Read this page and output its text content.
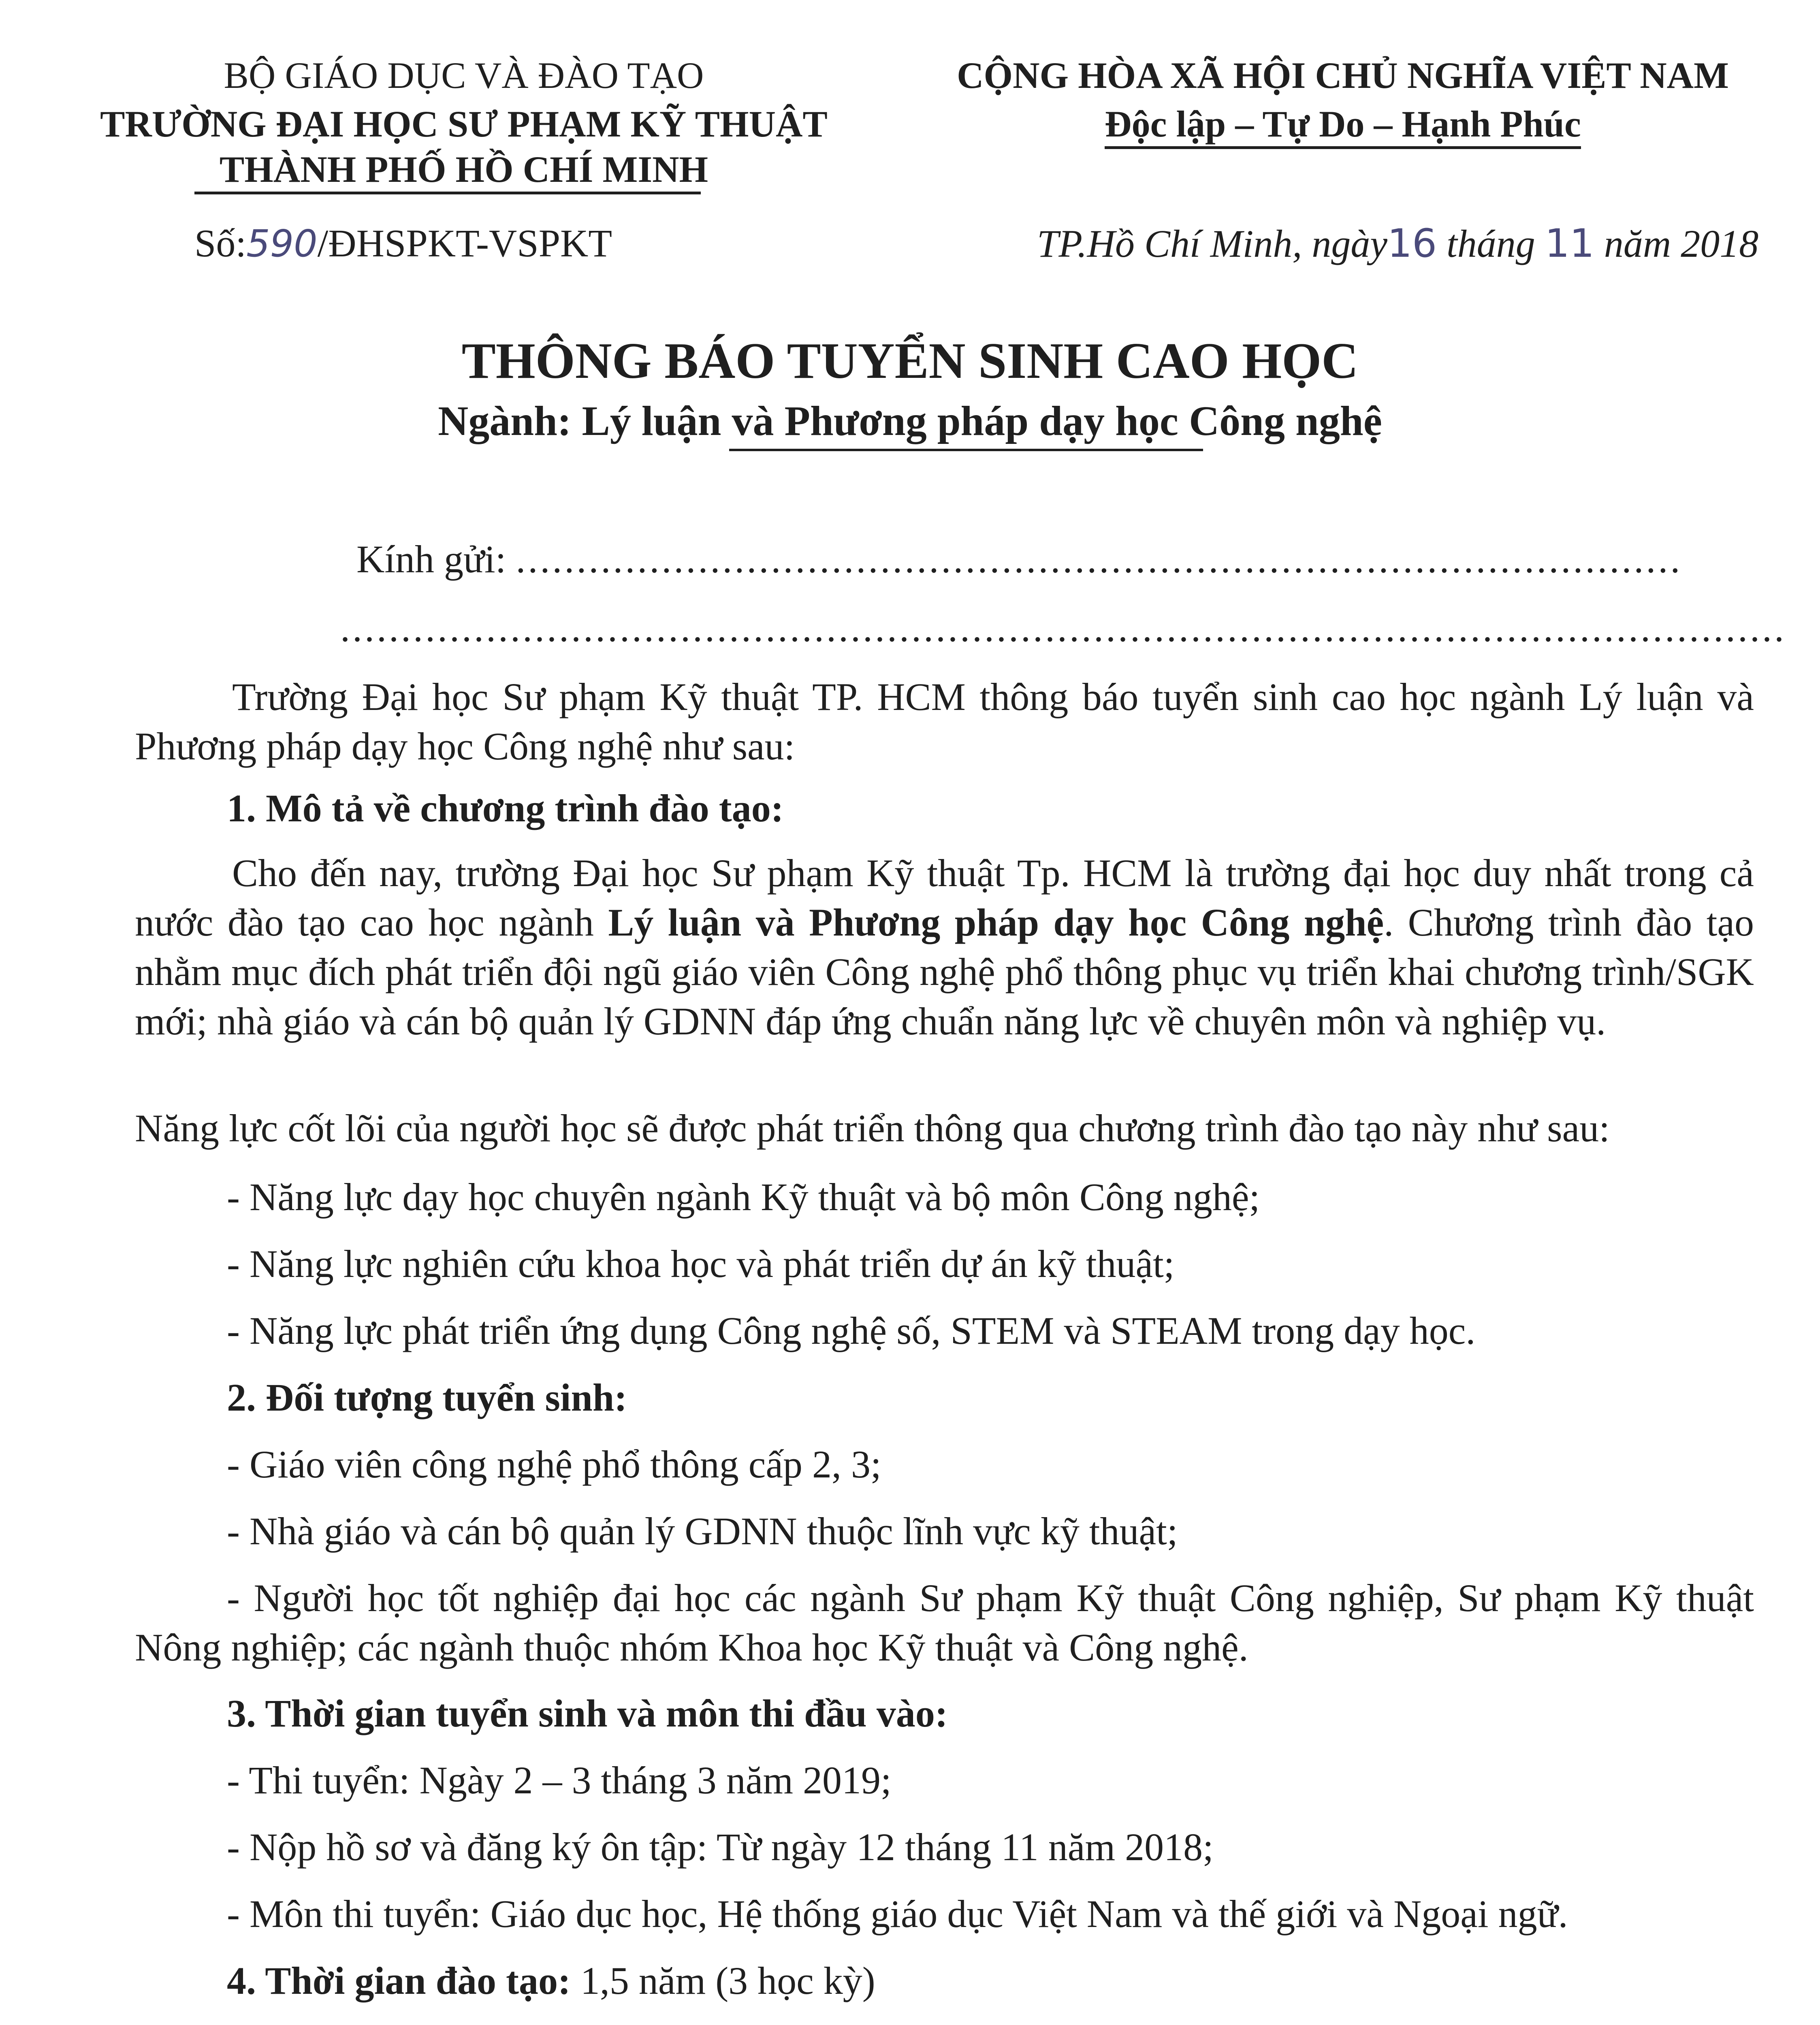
BỘ GIÁO DỤC VÀ ĐÀO TẠO
TRƯỜNG ĐẠI HỌC SƯ PHẠM KỸ THUẬT
THÀNH PHỐ HỒ CHÍ MINH
Số:590/ĐHSPKT-VSPKT
CỘNG HÒA XÃ HỘI CHỦ NGHĨA VIỆT NAM
Độc lập – Tự Do – Hạnh Phúc
TP.Hồ Chí Minh, ngày16 tháng 11 năm 2018
THÔNG BÁO TUYỂN SINH CAO HỌC
Ngành: Lý luận và Phương pháp dạy học Công nghệ
Kính gửi: ................................................................................................
.......................................................................................................................
Trường Đại học Sư phạm Kỹ thuật TP. HCM thông báo tuyển sinh cao học ngành Lý luận và Phương pháp dạy học Công nghệ như sau:
1. Mô tả về chương trình đào tạo:
Cho đến nay, trường Đại học Sư phạm Kỹ thuật Tp. HCM là trường đại học duy nhất trong cả nước đào tạo cao học ngành Lý luận và Phương pháp dạy học Công nghệ. Chương trình đào tạo nhằm mục đích phát triển đội ngũ giáo viên Công nghệ phổ thông phục vụ triển khai chương trình/SGK mới; nhà giáo và cán bộ quản lý GDNN đáp ứng chuẩn năng lực về chuyên môn và nghiệp vụ.
Năng lực cốt lõi của người học sẽ được phát triển thông qua chương trình đào tạo này như sau:
- Năng lực dạy học chuyên ngành Kỹ thuật và bộ môn Công nghệ;
- Năng lực nghiên cứu khoa học và phát triển dự án kỹ thuật;
- Năng lực phát triển ứng dụng Công nghệ số, STEM và STEAM trong dạy học.
2. Đối tượng tuyển sinh:
- Giáo viên công nghệ phổ thông cấp 2, 3;
- Nhà giáo và cán bộ quản lý GDNN thuộc lĩnh vực kỹ thuật;
- Người học tốt nghiệp đại học các ngành Sư phạm Kỹ thuật Công nghiệp, Sư phạm Kỹ thuật Nông nghiệp; các ngành thuộc nhóm Khoa học Kỹ thuật và Công nghệ.
3. Thời gian tuyển sinh và môn thi đầu vào:
- Thi tuyển: Ngày 2 – 3 tháng 3 năm 2019;
- Nộp hồ sơ và đăng ký ôn tập: Từ ngày 12 tháng 11 năm 2018;
- Môn thi tuyển: Giáo dục học, Hệ thống giáo dục Việt Nam và thế giới và Ngoại ngữ.
4. Thời gian đào tạo: 1,5 năm (3 học kỳ)
